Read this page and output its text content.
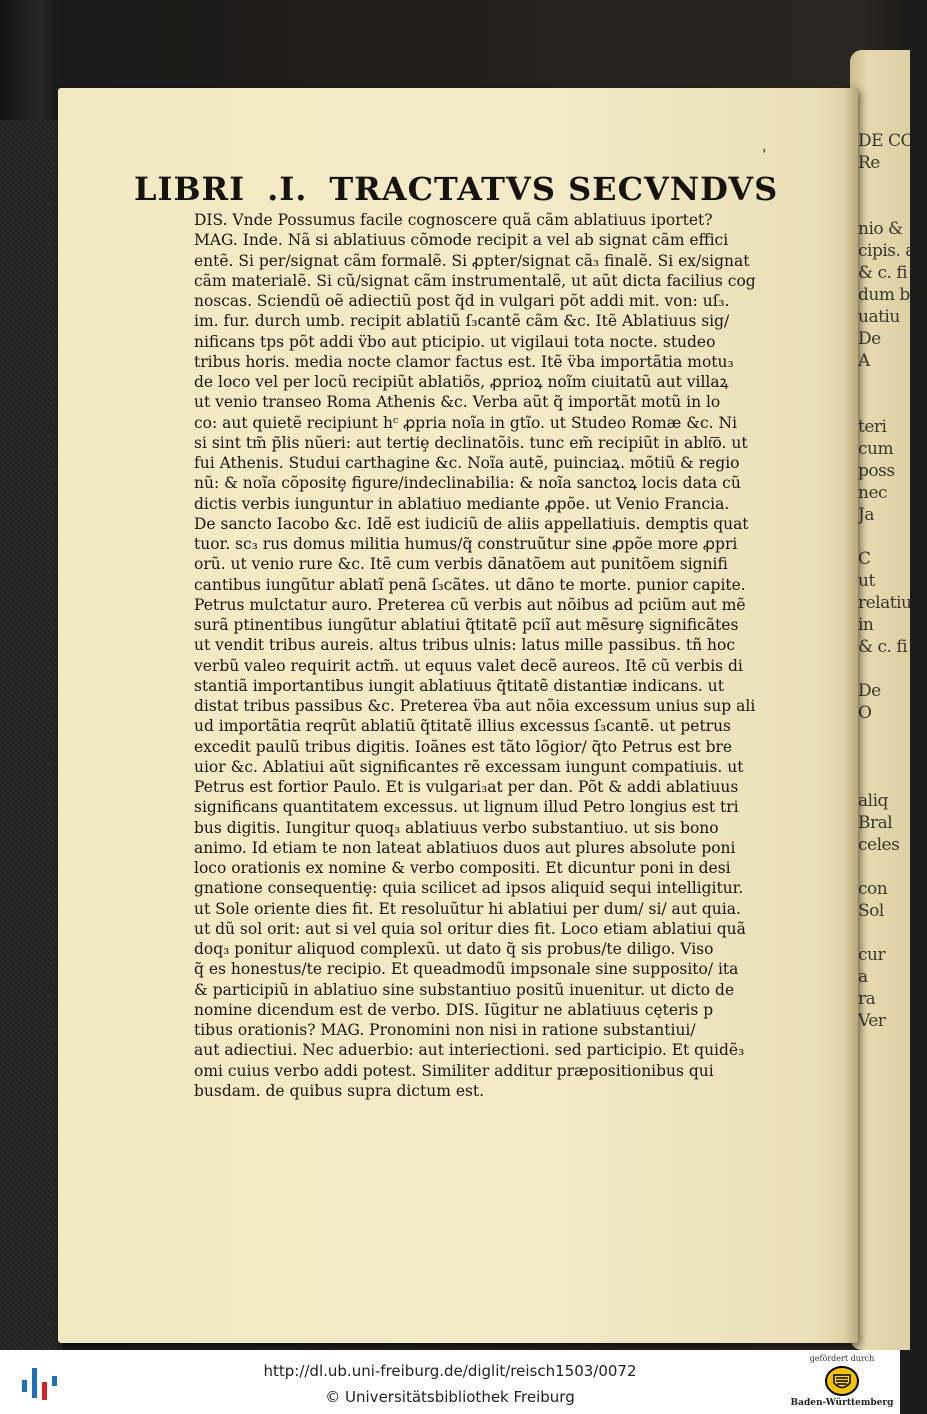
DE CO
Re
nio &
cipis. a
& c. fi
dum bre
uatiu
De
A
teri
cum
poss
nec
Ja
C
ut
relatiu
in
& c. fi
De
O
aliq
Bral
celes
con
Sol
cur
a
ra
Ver
ˈ
LIBRI .I. TRACTATVS SECVNDVS
DIS. Vnde Possumus facile cognoscere quã cãm ablatiuus iportet?
MAG. Inde. Nã si ablatiuus cõmode recipit a vel ab signat cãm effici
entẽ. Si per/signat cãm formalẽ. Si ꝓpter/signat cã₃ finalẽ. Si ex/signat
cãm materialẽ. Si cũ/signat cãm instrumentalẽ, ut aũt dicta facilius cog
noscas. Sciendũ oẽ adiectiũ post q̃d in vulgari põt addi mit. von: uſ₃.
im. fur. durch umb. recipit ablatiũ ſ₃cantẽ cãm &c. Itẽ Ablatiuus sig/
nificans tps põt addi v̈bo aut pticipio. ut vigilaui tota nocte. studeo
tribus horis. media nocte clamor factus est. Itẽ v̈ba importãtia motu₃
de loco vel per locũ recipiũt ablatiõs, ꝓprioꝝ noĩm ciuitatũ aut villaꝝ
ut venio transeo Roma Athenis &c. Verba aũt q̃ importãt motũ in lo
co: aut quietẽ recipiunt hᶜ ꝓpria noĩa in gtĩo. ut Studeo Romæ &c. Ni
si sint tm̃ p̃lis nũeri: aut tertiȩ declinatõis. tunc em̃ recipiũt in ablt͞o. ut
fui Athenis. Studui carthagine &c. Noĩa autẽ, puinciaꝝ. mõtiũ & regio
nũ: & noĩa cõpositȩ figure/indeclinabilia: & noĩa sanctoꝝ locis data cũ
dictis verbis iunguntur in ablatiuo mediante ꝓpõe. ut Venio Francia.
De sancto Iacobo &c. Idẽ est iudiciũ de aliis appellatiuis. demptis quat
tuor. sc₃ rus domus militia humus/q̃ construũtur sine ꝓpõe more ꝓpri
orũ. ut venio rure &c. Itẽ cum verbis dãnatõem aut punitõem signifi
cantibus iungũtur ablatĩ penã ſ₃cãtes. ut dãno te morte. punior capite.
Petrus mulctatur auro. Preterea cũ verbis aut nõibus ad pciũm aut mẽ
surã ptinentibus iungũtur ablatiui q̃titatẽ pciĩ aut mẽsurȩ significãtes
ut vendit tribus aureis. altus tribus ulnis: latus mille passibus. tñ hoc
verbũ valeo requirit actm̃. ut equus valet decẽ aureos. Itẽ cũ verbis di
stantiã importantibus iungit ablatiuus q̃titatẽ distantiæ indicans. ut
distat tribus passibus &c. Preterea v̈ba aut nõia excessum unius sup ali
ud importãtia reqrũt ablatiũ q̃titatẽ illius excessus ſ₃cantẽ. ut petrus
excedit paulũ tribus digitis. Ioãnes est tãto lõgior/ q̃to Petrus est bre
uior &c. Ablatiui aũt significantes rẽ excessam iungunt compatiuis. ut
Petrus est fortior Paulo. Et is vulgari₃at per dan. Põt & addi ablatiuus
significans quantitatem excessus. ut lignum illud Petro longius est tri
bus digitis. Iungitur quoq₃ ablatiuus verbo substantiuo. ut sis bono
animo. Id etiam te non lateat ablatiuos duos aut plures absolute poni
loco orationis ex nomine & verbo compositi. Et dicuntur poni in desi
gnatione consequentiȩ: quia scilicet ad ipsos aliquid sequi intelligitur.
ut Sole oriente dies fit. Et resoluũtur hi ablatiui per dum/ si/ aut quia.
ut dũ sol orit: aut si vel quia sol oritur dies fit. Loco etiam ablatiui quã
doq₃ ponitur aliquod complexũ. ut dato q̃ sis probus/te diligo. Viso
q̃ es honestus/te recipio. Et queadmodũ impsonale sine supposito/ ita
& participiũ in ablatiuo sine substantiuo positũ inuenitur. ut dicto de
nomine dicendum est de verbo. DIS. Iũgitur ne ablatiuus cęteris p
tibus orationis? MAG. Pronomini non nisi in ratione substantiui/
aut adiectiui. Nec aduerbio: aut interiectioni. sed participio. Et quidẽ₃
omi cuius verbo addi potest. Similiter additur præpositionibus qui
busdam. de quibus supra dictum est.
http://dl.ub.uni-freiburg.de/diglit/reisch1503/0072
© Universitätsbibliothek Freiburg
gefördert durch
Baden-Württemberg
